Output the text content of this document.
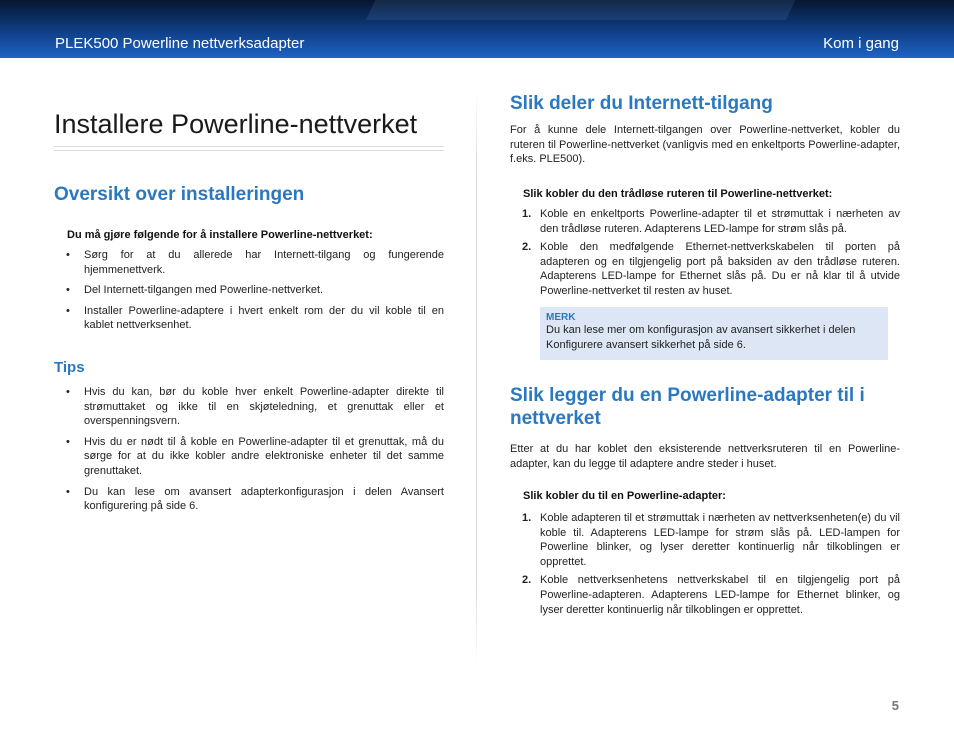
PLEK500 Powerline nettverksadapter	Kom i gang
Installere Powerline-nettverket
Oversikt over installeringen
Du må gjøre følgende for å installere Powerline-nettverket:
• Sørg for at du allerede har Internett-tilgang og fungerende hjemmenettverk.
• Del Internett-tilgangen med Powerline-nettverket.
• Installer Powerline-adaptere i hvert enkelt rom der du vil koble til en kablet nettverksenhet.
Tips
• Hvis du kan, bør du koble hver enkelt Powerline-adapter direkte til strømuttaket og ikke til en skjøteledning, et grenuttak eller et overspenningsvern.
• Hvis du er nødt til å koble en Powerline-adapter til et grenuttak, må du sørge for at du ikke kobler andre elektroniske enheter til det samme grenuttaket.
• Du kan lese om avansert adapterkonfigurasjon i delen Avansert konfigurering på side 6.
Slik deler du Internett-tilgang
For å kunne dele Internett-tilgangen over Powerline-nettverket, kobler du ruteren til Powerline-nettverket (vanligvis med en enkeltports Powerline-adapter, f.eks. PLE500).
Slik kobler du den trådløse ruteren til Powerline-nettverket:
1. Koble en enkeltports Powerline-adapter til et strømuttak i nærheten av den trådløse ruteren. Adapterens LED-lampe for strøm slås på.
2. Koble den medfølgende Ethernet-nettverkskabelen til porten på adapteren og en tilgjengelig port på baksiden av den trådløse ruteren. Adapterens LED-lampe for Ethernet slås på. Du er nå klar til å utvide Powerline-nettverket til resten av huset.
MERK
Du kan lese mer om konfigurasjon av avansert sikkerhet i delen Konfigurere avansert sikkerhet på side 6.
Slik legger du en Powerline-adapter til i nettverket
Etter at du har koblet den eksisterende nettverksruteren til en Powerline-adapter, kan du legge til adaptere andre steder i huset.
Slik kobler du til en Powerline-adapter:
1. Koble adapteren til et strømuttak i nærheten av nettverksenheten(e) du vil koble til. Adapterens LED-lampe for strøm slås på. LED-lampen for Powerline blinker, og lyser deretter kontinuerlig når tilkoblingen er opprettet.
2. Koble nettverksenhetens nettverkskabel til en tilgjengelig port på Powerline-adapteren. Adapterens LED-lampe for Ethernet blinker, og lyser deretter kontinuerlig når tilkoblingen er opprettet.
5
